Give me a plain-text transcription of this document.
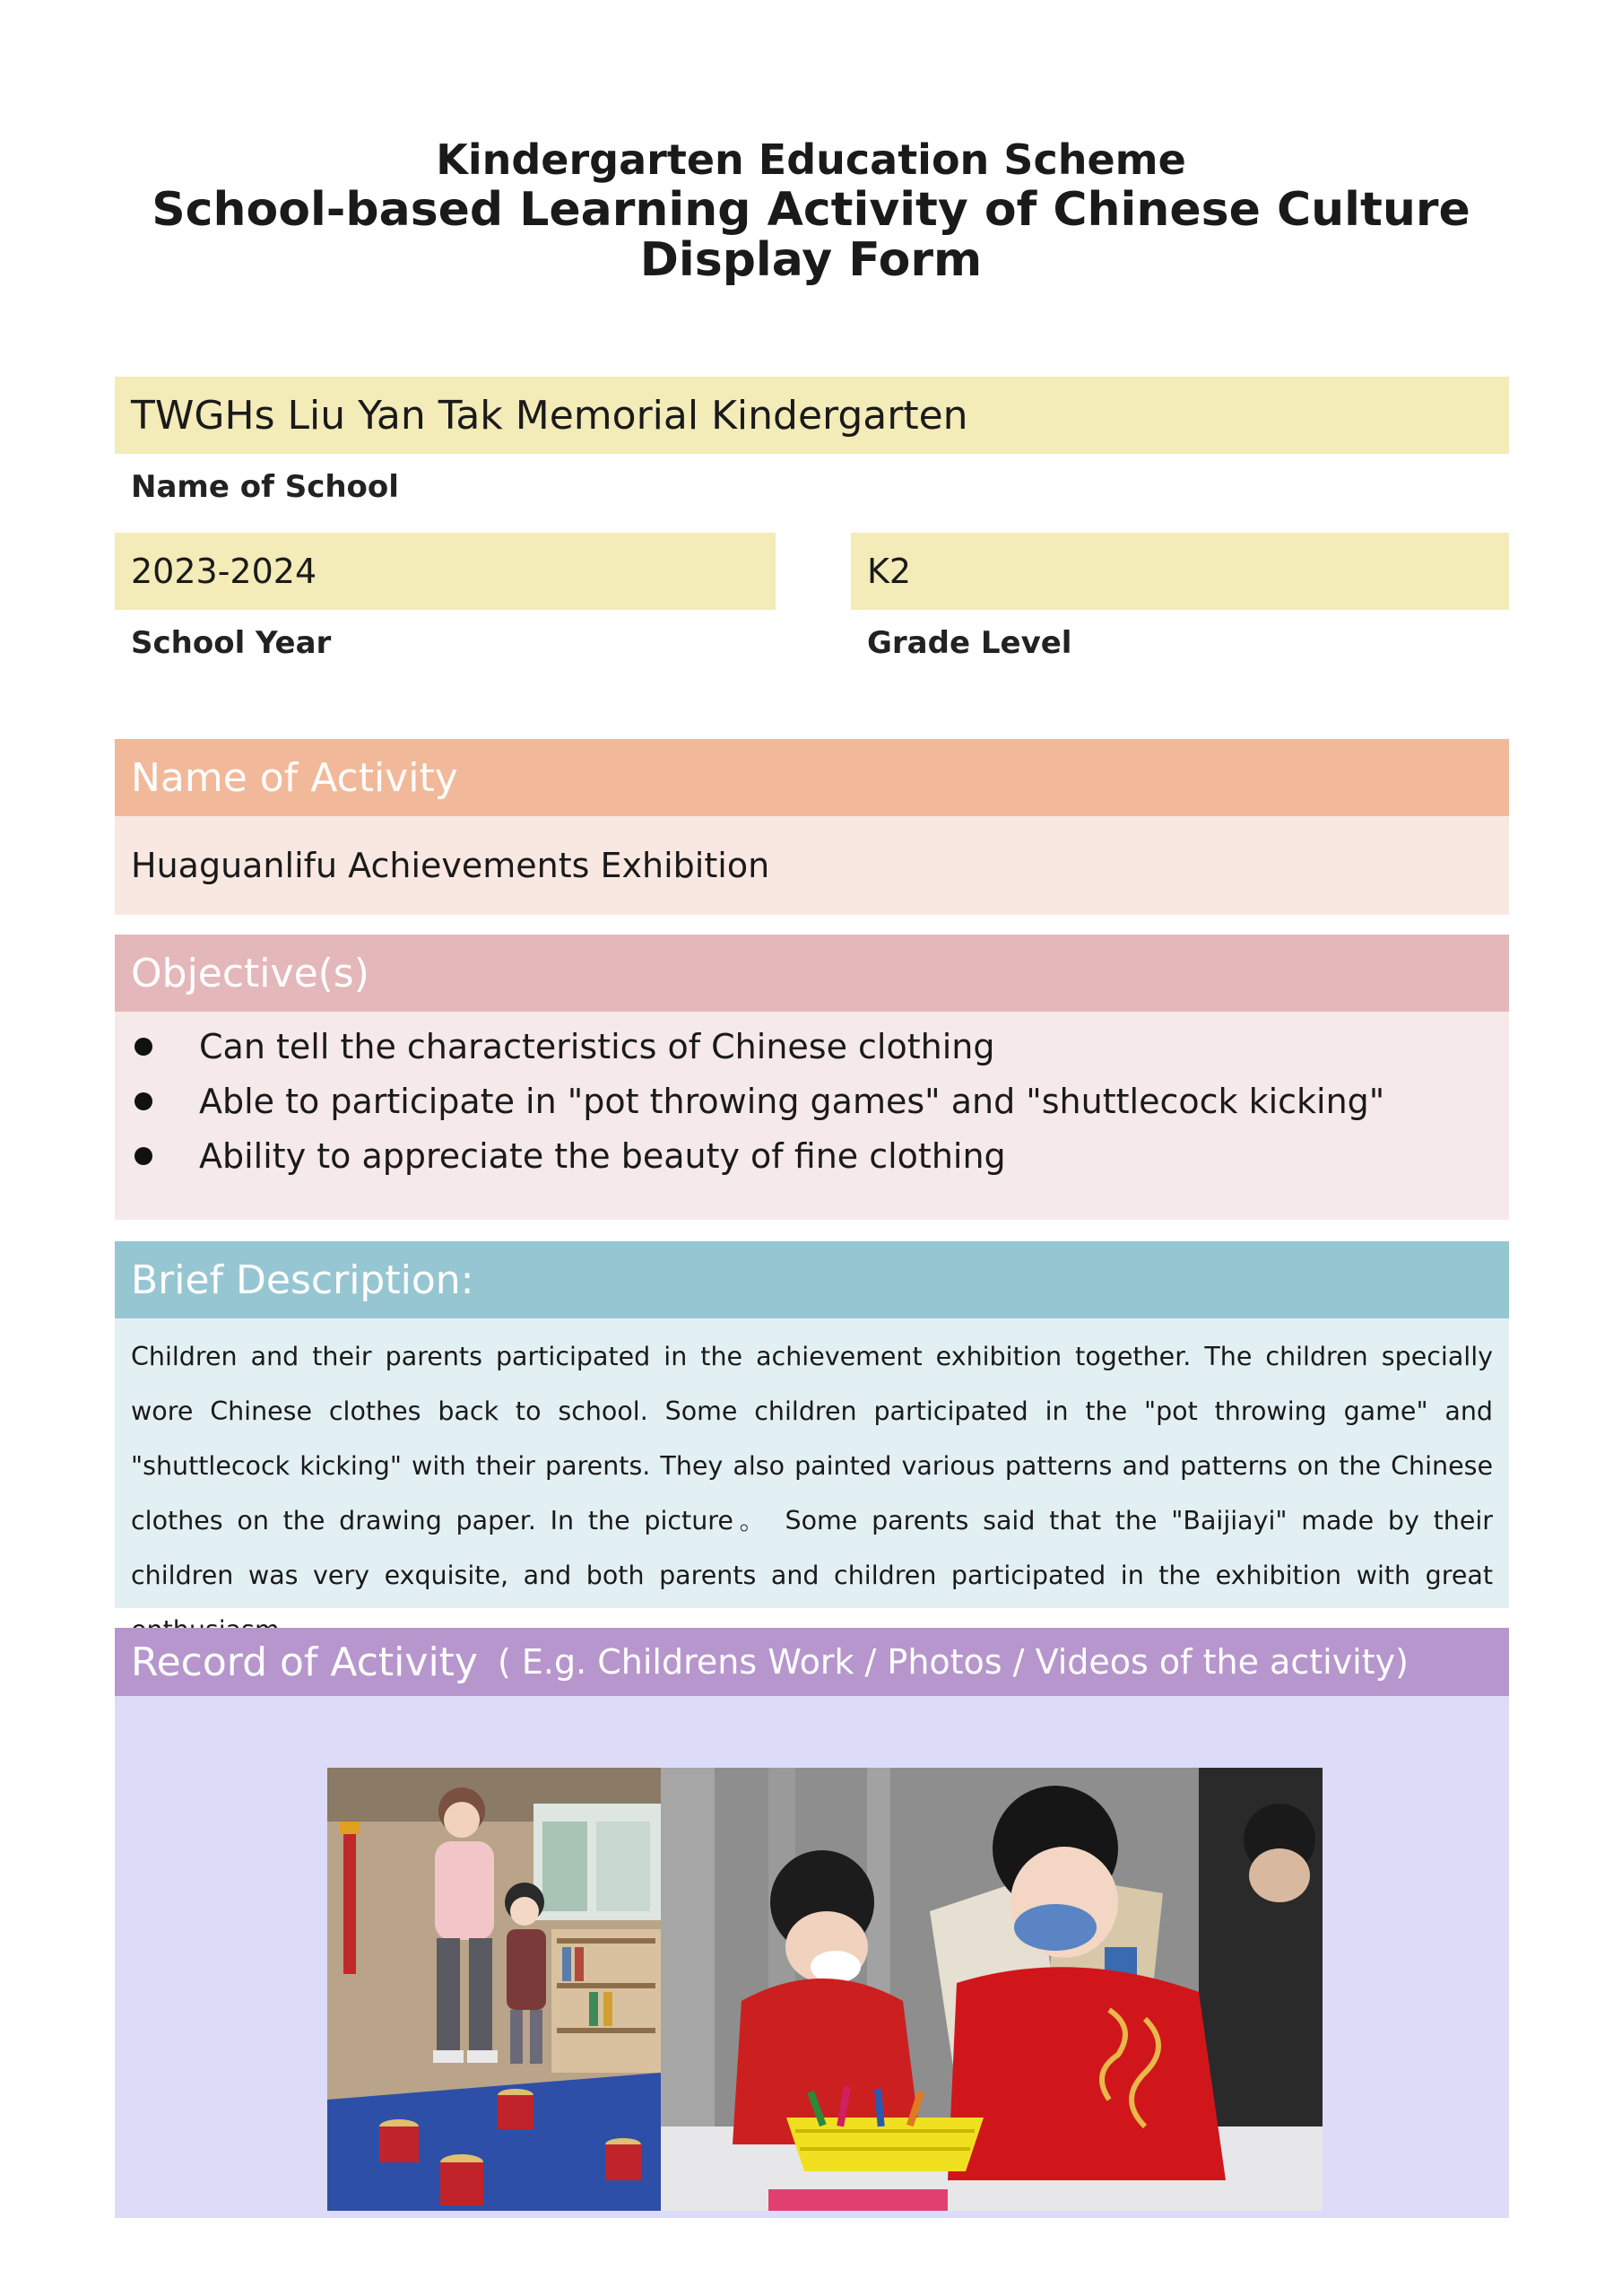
Kindergarten Education Scheme
School-based Learning Activity of Chinese Culture
Display Form
TWGHs Liu Yan Tak Memorial Kindergarten
Name of School
2023-2024	K2
School Year	Grade Level
Name of Activity
Huaguanlifu Achievements Exhibition
Objective(s)
Can tell the characteristics of Chinese clothing
Able to participate in "pot throwing games" and "shuttlecock kicking"
Ability to appreciate the beauty of fine clothing
Brief Description:
Children and their parents participated in the achievement exhibition together. The children specially wore Chinese clothes back to school. Some children participated in the "pot throwing game" and "shuttlecock kicking" with their parents. They also painted various patterns and patterns on the Chinese clothes on the drawing paper. In the picture。 Some parents said that the "Baijiayi" made by their children was very exquisite, and both parents and children participated in the exhibition with great
Record of Activity ( E.g. Childrens Work / Photos / Videos of the activity)
